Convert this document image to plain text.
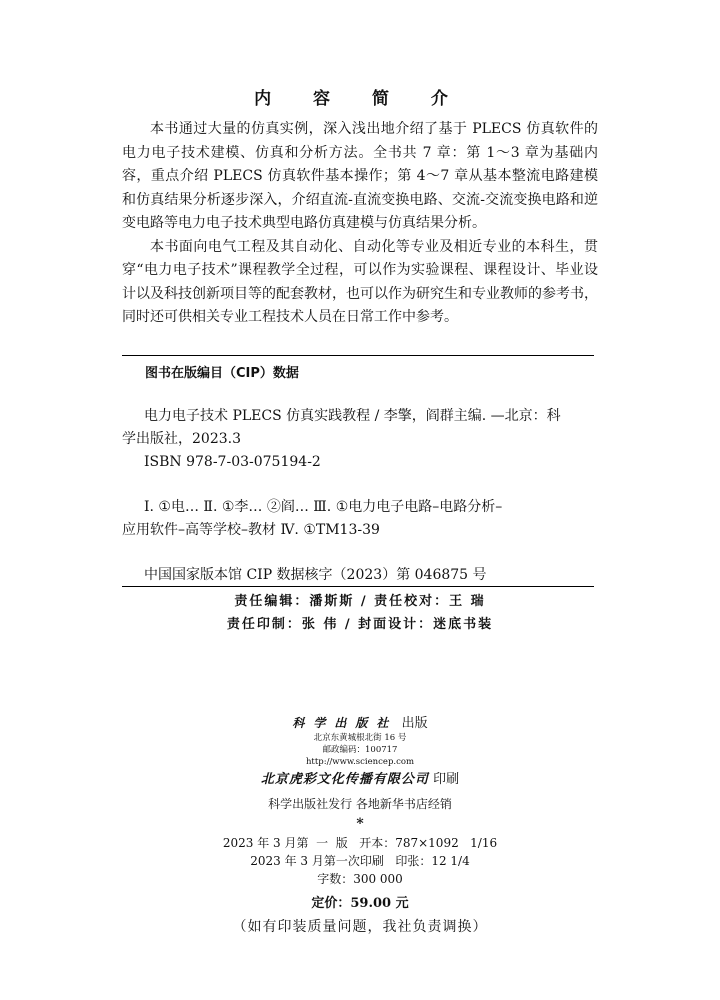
内 容 简 介

本书通过大量的仿真实例，深入浅出地介绍了基于 PLECS 仿真软件的电力电子技术建模、仿真和分析方法。全书共 7 章：第 1～3 章为基础内容，重点介绍 PLECS 仿真软件基本操作；第 4～7 章从基本整流电路建模和仿真结果分析逐步深入，介绍直流-直流变换电路、交流-交流变换电路和逆变电路等电力电子技术典型电路仿真建模与仿真结果分析。

本书面向电气工程及其自动化、自动化等专业及相近专业的本科生，贯穿“电力电子技术”课程教学全过程，可以作为实验课程、课程设计、毕业设计以及科技创新项目等的配套教材，也可以作为研究生和专业教师的参考书，同时还可供相关专业工程技术人员在日常工作中参考。

图书在版编目（CIP）数据
电力电子技术 PLECS 仿真实践教程 / 李擎，阎群主编. —北京：科
学出版社，2023.3
ISBN 978-7-03-075194-2
Ⅰ. ①电… Ⅱ. ①李… ②阎… Ⅲ. ①电力电子电路–电路分析–
应用软件–高等学校–教材 Ⅳ. ①TM13-39
中国国家版本馆 CIP 数据核字（2023）第 046875 号
责任编辑：潘斯斯 / 责任校对：王 瑞
责任印制：张 伟 / 封面设计：迷底书装
科学出版社 出版
北京东黄城根北街 16 号
邮政编码：100717
http://www.sciencep.com
北京虎彩文化传播有限公司 印刷
科学出版社发行 各地新华书店经销
*
2023 年 3 月第  一  版   开本：787×1092   1/16
2023 年 3 月第一次印刷   印张：12 1/4
字数：300 000
定价：59.00 元
（如有印装质量问题，我社负责调换）
